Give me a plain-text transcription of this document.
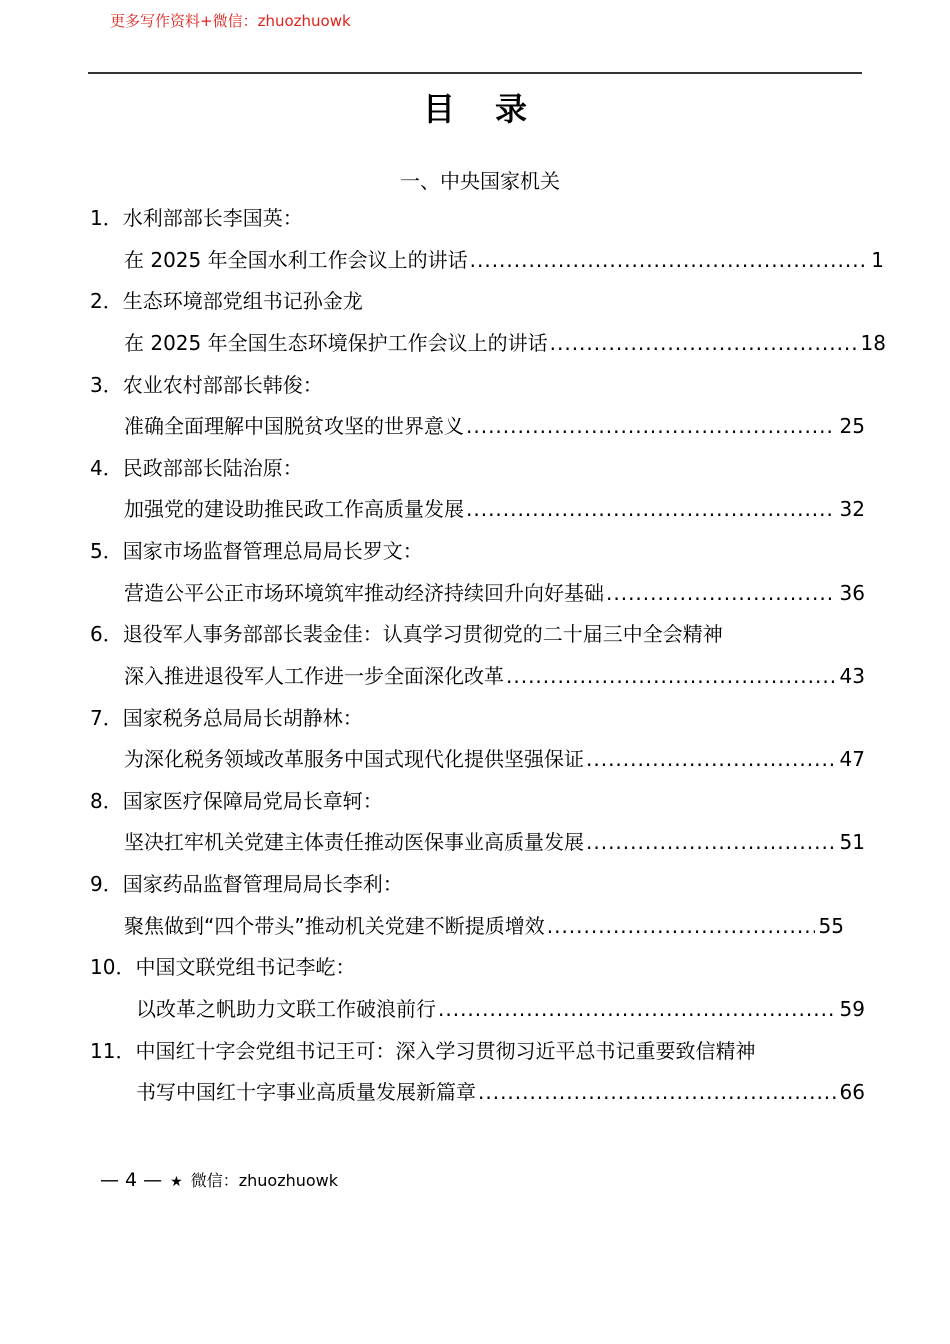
更多写作资料+微信：zhuozhuowk
目录
一、中央国家机关
1．水利部部长李国英：
在 2025 年全国水利工作会议上的讲话 .....	1
2．生态环境部党组书记孙金龙
在 2025 年全国生态环境保护工作会议上的讲话 .....	18
3．农业农村部部长韩俊：
准确全面理解中国脱贫攻坚的世界意义 .....	25
4．民政部部长陆治原：
加强党的建设助推民政工作高质量发展 .....	32
5．国家市场监督管理总局局长罗文：
营造公平公正市场环境筑牢推动经济持续回升向好基础 .....	36
6．退役军人事务部部长裴金佳：认真学习贯彻党的二十届三中全会精神
深入推进退役军人工作进一步全面深化改革 .....	43
7．国家税务总局局长胡静林：
为深化税务领域改革服务中国式现代化提供坚强保证 .....	47
8．国家医疗保障局党局长章轲：
坚决扛牢机关党建主体责任推动医保事业高质量发展 .....	51
9．国家药品监督管理局局长李利：
聚焦做到“四个带头”推动机关党建不断提质增效 .....	55
10．中国文联党组书记李屹：
以改革之帆助力文联工作破浪前行 .....	59
11．中国红十字会党组书记王可：深入学习贯彻习近平总书记重要致信精神
书写中国红十字事业高质量发展新篇章 .....	66
— 4 — ★ 微信：zhuozhuowk
